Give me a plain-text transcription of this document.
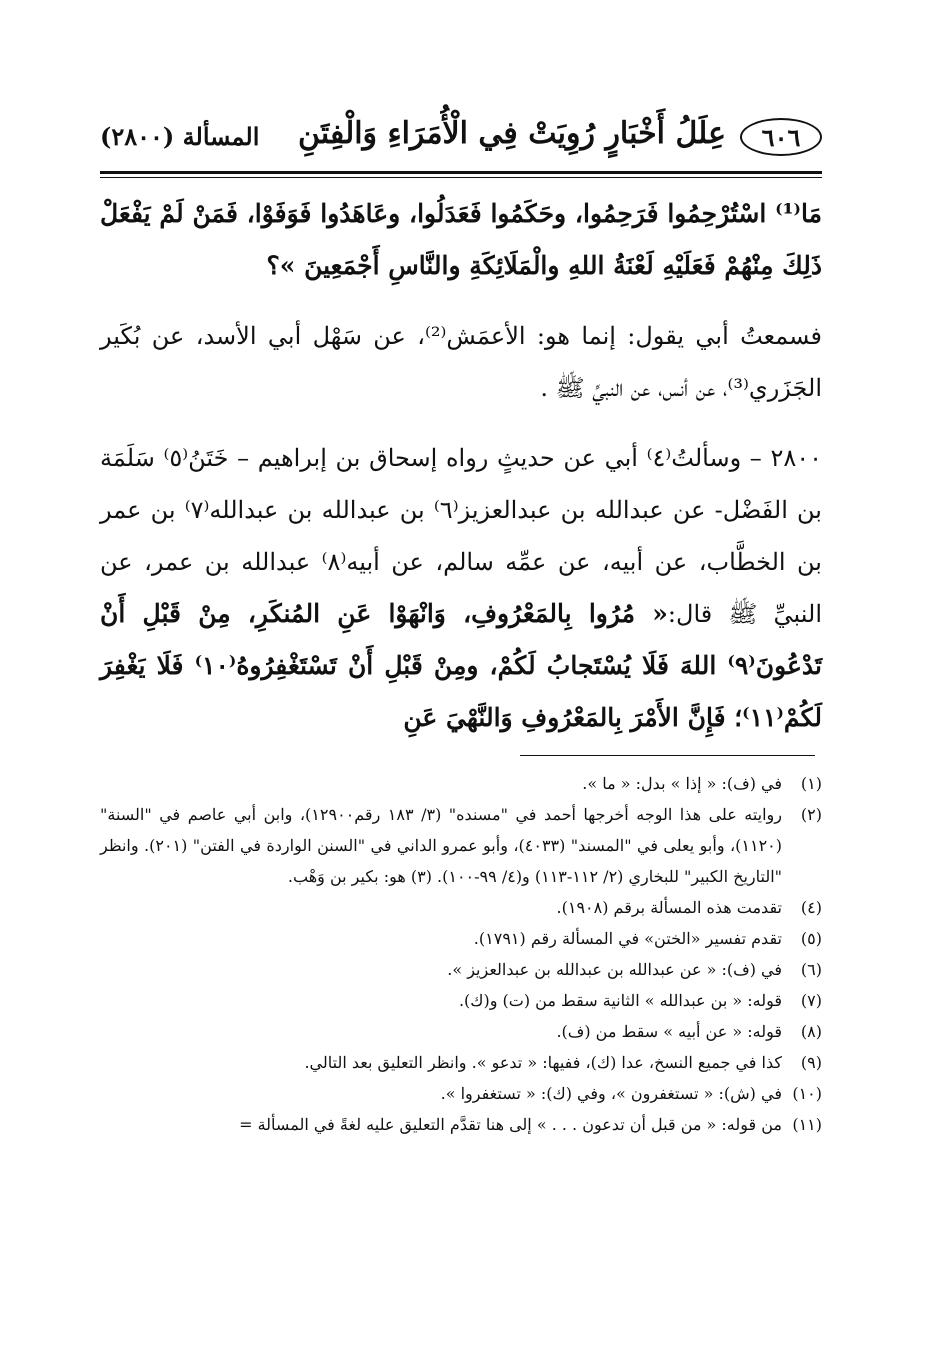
٦٠٦
عِلَلُ أَخْبَارٍ رُوِيَتْ فِي الْأُمَرَاءِ وَالْفِتَنِ
المسألة (٢٨٠٠)

مَا⁽¹⁾ اسْتُرْحِمُوا فَرَحِمُوا، وحَكَمُوا فَعَدَلُوا، وعَاهَدُوا فَوَفَوْا، فَمَنْ لَمْ يَفْعَلْ ذَلِكَ مِنْهُمْ فَعَلَيْهِ لَعْنَةُ اللهِ والْمَلَائِكَةِ والنَّاسِ أَجْمَعِينَ »؟

فسمعتُ أبي يقول: إنما هو: الأعمَش⁽²⁾، عن سَهْل أبي الأسد، عن بُكَير الجَزَري⁽³⁾، عن أنس، عن النبيِّ ﷺ .

٢٨٠٠ – وسألتُ⁽٤⁾ أبي عن حديثٍ رواه إسحاق بن إبراهيم – خَتَنُ⁽٥⁾ سَلَمَة بن الفَضْل- عن عبدالله بن عبدالعزيز⁽٦⁾ بن عبدالله بن عبدالله⁽٧⁾ بن عمر بن الخطَّاب، عن أبيه، عن عمِّه سالم، عن أبيه⁽٨⁾ عبدالله بن عمر، عن النبيِّ ﷺ قال:« مُرُوا بِالمَعْرُوفِ، وَانْهَوْا عَنِ المُنكَرِ، مِنْ قَبْلِ أَنْ تَدْعُونَ⁽٩⁾ اللهَ فَلَا يُسْتَجابُ لَكُمْ، ومِنْ قَبْلِ أَنْ تَسْتَغْفِرُوهُ⁽١٠⁾ فَلَا يَغْفِرَ لَكُمْ⁽١١⁾؛ فَإِنَّ الأَمْرَ بِالمَعْرُوفِ وَالنَّهْيَ عَنِ

(١)
في (ف): « إذا » بدل: « ما ».
(٢)
روايته على هذا الوجه أخرجها أحمد في "مسنده" (٣/ ١٨٣ رقم١٢٩٠٠)، وابن أبي عاصم في "السنة" (١١٢٠)، وأبو يعلى في "المسند" (٤٠٣٣)، وأبو عمرو الداني في "السنن الواردة في الفتن" (٢٠١). وانظر "التاريخ الكبير" للبخاري (٢/ ١١٢-١١٣) و(٤/ ٩٩-١٠٠). (٣) هو: بكير بن وَهْب.
(٤)
تقدمت هذه المسألة برقم (١٩٠٨).
(٥)
تقدم تفسير «الختن» في المسألة رقم (١٧٩١).
(٦)
في (ف): « عن عبدالله بن عبدالله بن عبدالعزيز ».
(٧)
قوله: « بن عبدالله » الثانية سقط من (ت) و(ك).
(٨)
قوله: « عن أبيه » سقط من (ف).
(٩)
كذا في جميع النسخ، عدا (ك)، ففيها: « تدعو ». وانظر التعليق بعد التالي.
(١٠)
في (ش): « تستغفرون »، وفي (ك): « تستغفروا ».
(١١)
من قوله: « من قبل أن تدعون . . . » إلى هنا تقدَّم التعليق عليه لغةً في المسألة =
